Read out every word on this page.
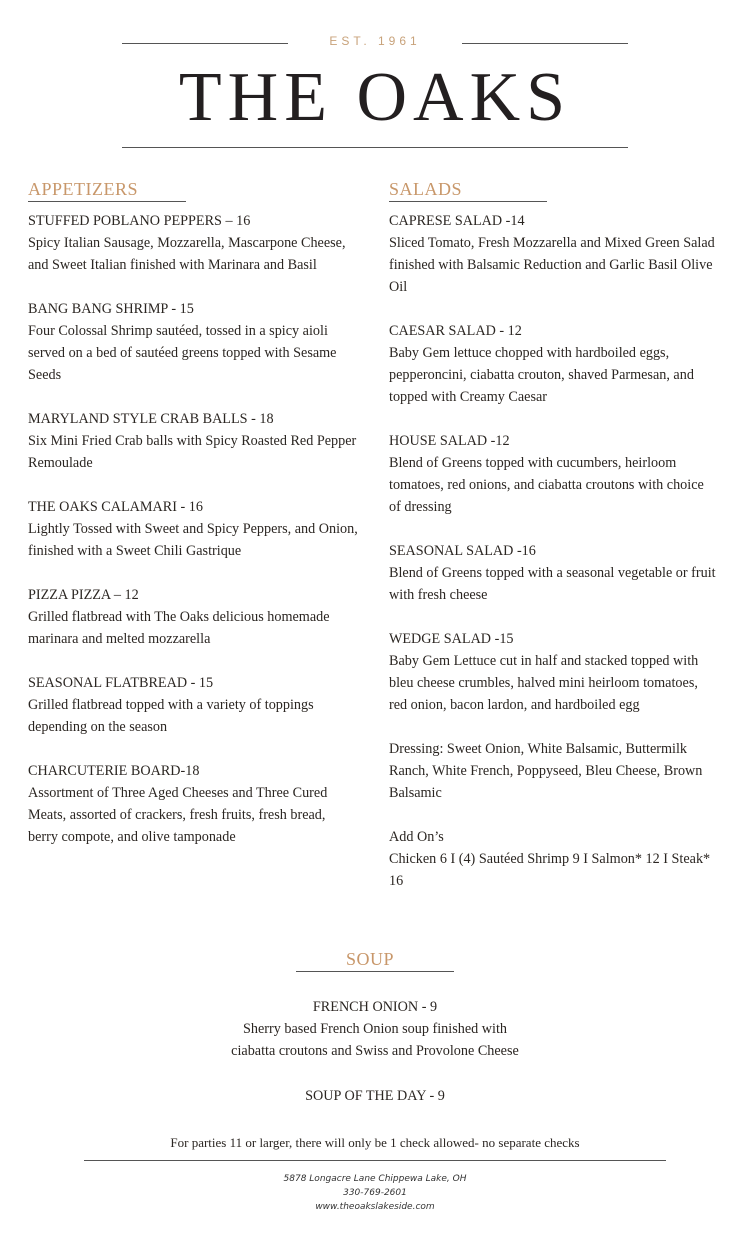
EST. 1961
THE OAKS
APPETIZERS
STUFFED POBLANO PEPPERS – 16
Spicy Italian Sausage, Mozzarella, Mascarpone Cheese, and Sweet Italian finished with Marinara and Basil
BANG BANG SHRIMP - 15
Four Colossal Shrimp sautéed, tossed in a spicy aioli served on a bed of sautéed greens topped with Sesame Seeds
MARYLAND STYLE CRAB BALLS - 18
Six Mini Fried Crab balls with Spicy Roasted Red Pepper Remoulade
THE OAKS CALAMARI - 16
Lightly Tossed with Sweet and Spicy Peppers, and Onion, finished with a Sweet Chili Gastrique
PIZZA PIZZA – 12
Grilled flatbread with The Oaks delicious homemade marinara and melted mozzarella
SEASONAL FLATBREAD - 15
Grilled flatbread topped with a variety of toppings depending on the season
CHARCUTERIE BOARD-18
Assortment of Three Aged Cheeses and Three Cured Meats, assorted of crackers, fresh fruits, fresh bread, berry compote, and olive tamponade
SALADS
CAPRESE SALAD -14
Sliced Tomato, Fresh Mozzarella and Mixed Green Salad finished with Balsamic Reduction and Garlic Basil Olive Oil
CAESAR SALAD - 12
Baby Gem lettuce chopped with hardboiled eggs, pepperoncini, ciabatta crouton, shaved Parmesan, and topped with Creamy Caesar
HOUSE SALAD -12
Blend of Greens topped with cucumbers, heirloom tomatoes, red onions, and ciabatta croutons with choice of dressing
SEASONAL SALAD -16
Blend of Greens topped with a seasonal vegetable or fruit with fresh cheese
WEDGE SALAD -15
Baby Gem Lettuce cut in half and stacked topped with bleu cheese crumbles, halved mini heirloom tomatoes, red onion, bacon lardon, and hardboiled egg
Dressing: Sweet Onion, White Balsamic, Buttermilk Ranch, White French, Poppyseed, Bleu Cheese, Brown Balsamic
Add On’s
Chicken 6 I (4) Sautéed Shrimp 9 I Salmon* 12 I Steak* 16
SOUP
FRENCH ONION - 9
Sherry based French Onion soup finished with
ciabatta croutons and Swiss and Provolone Cheese
SOUP OF THE DAY - 9
For parties 11 or larger, there will only be 1 check allowed- no separate checks
5878 Longacre Lane Chippewa Lake, OH
330-769-2601
www.theoakslakeside.com
